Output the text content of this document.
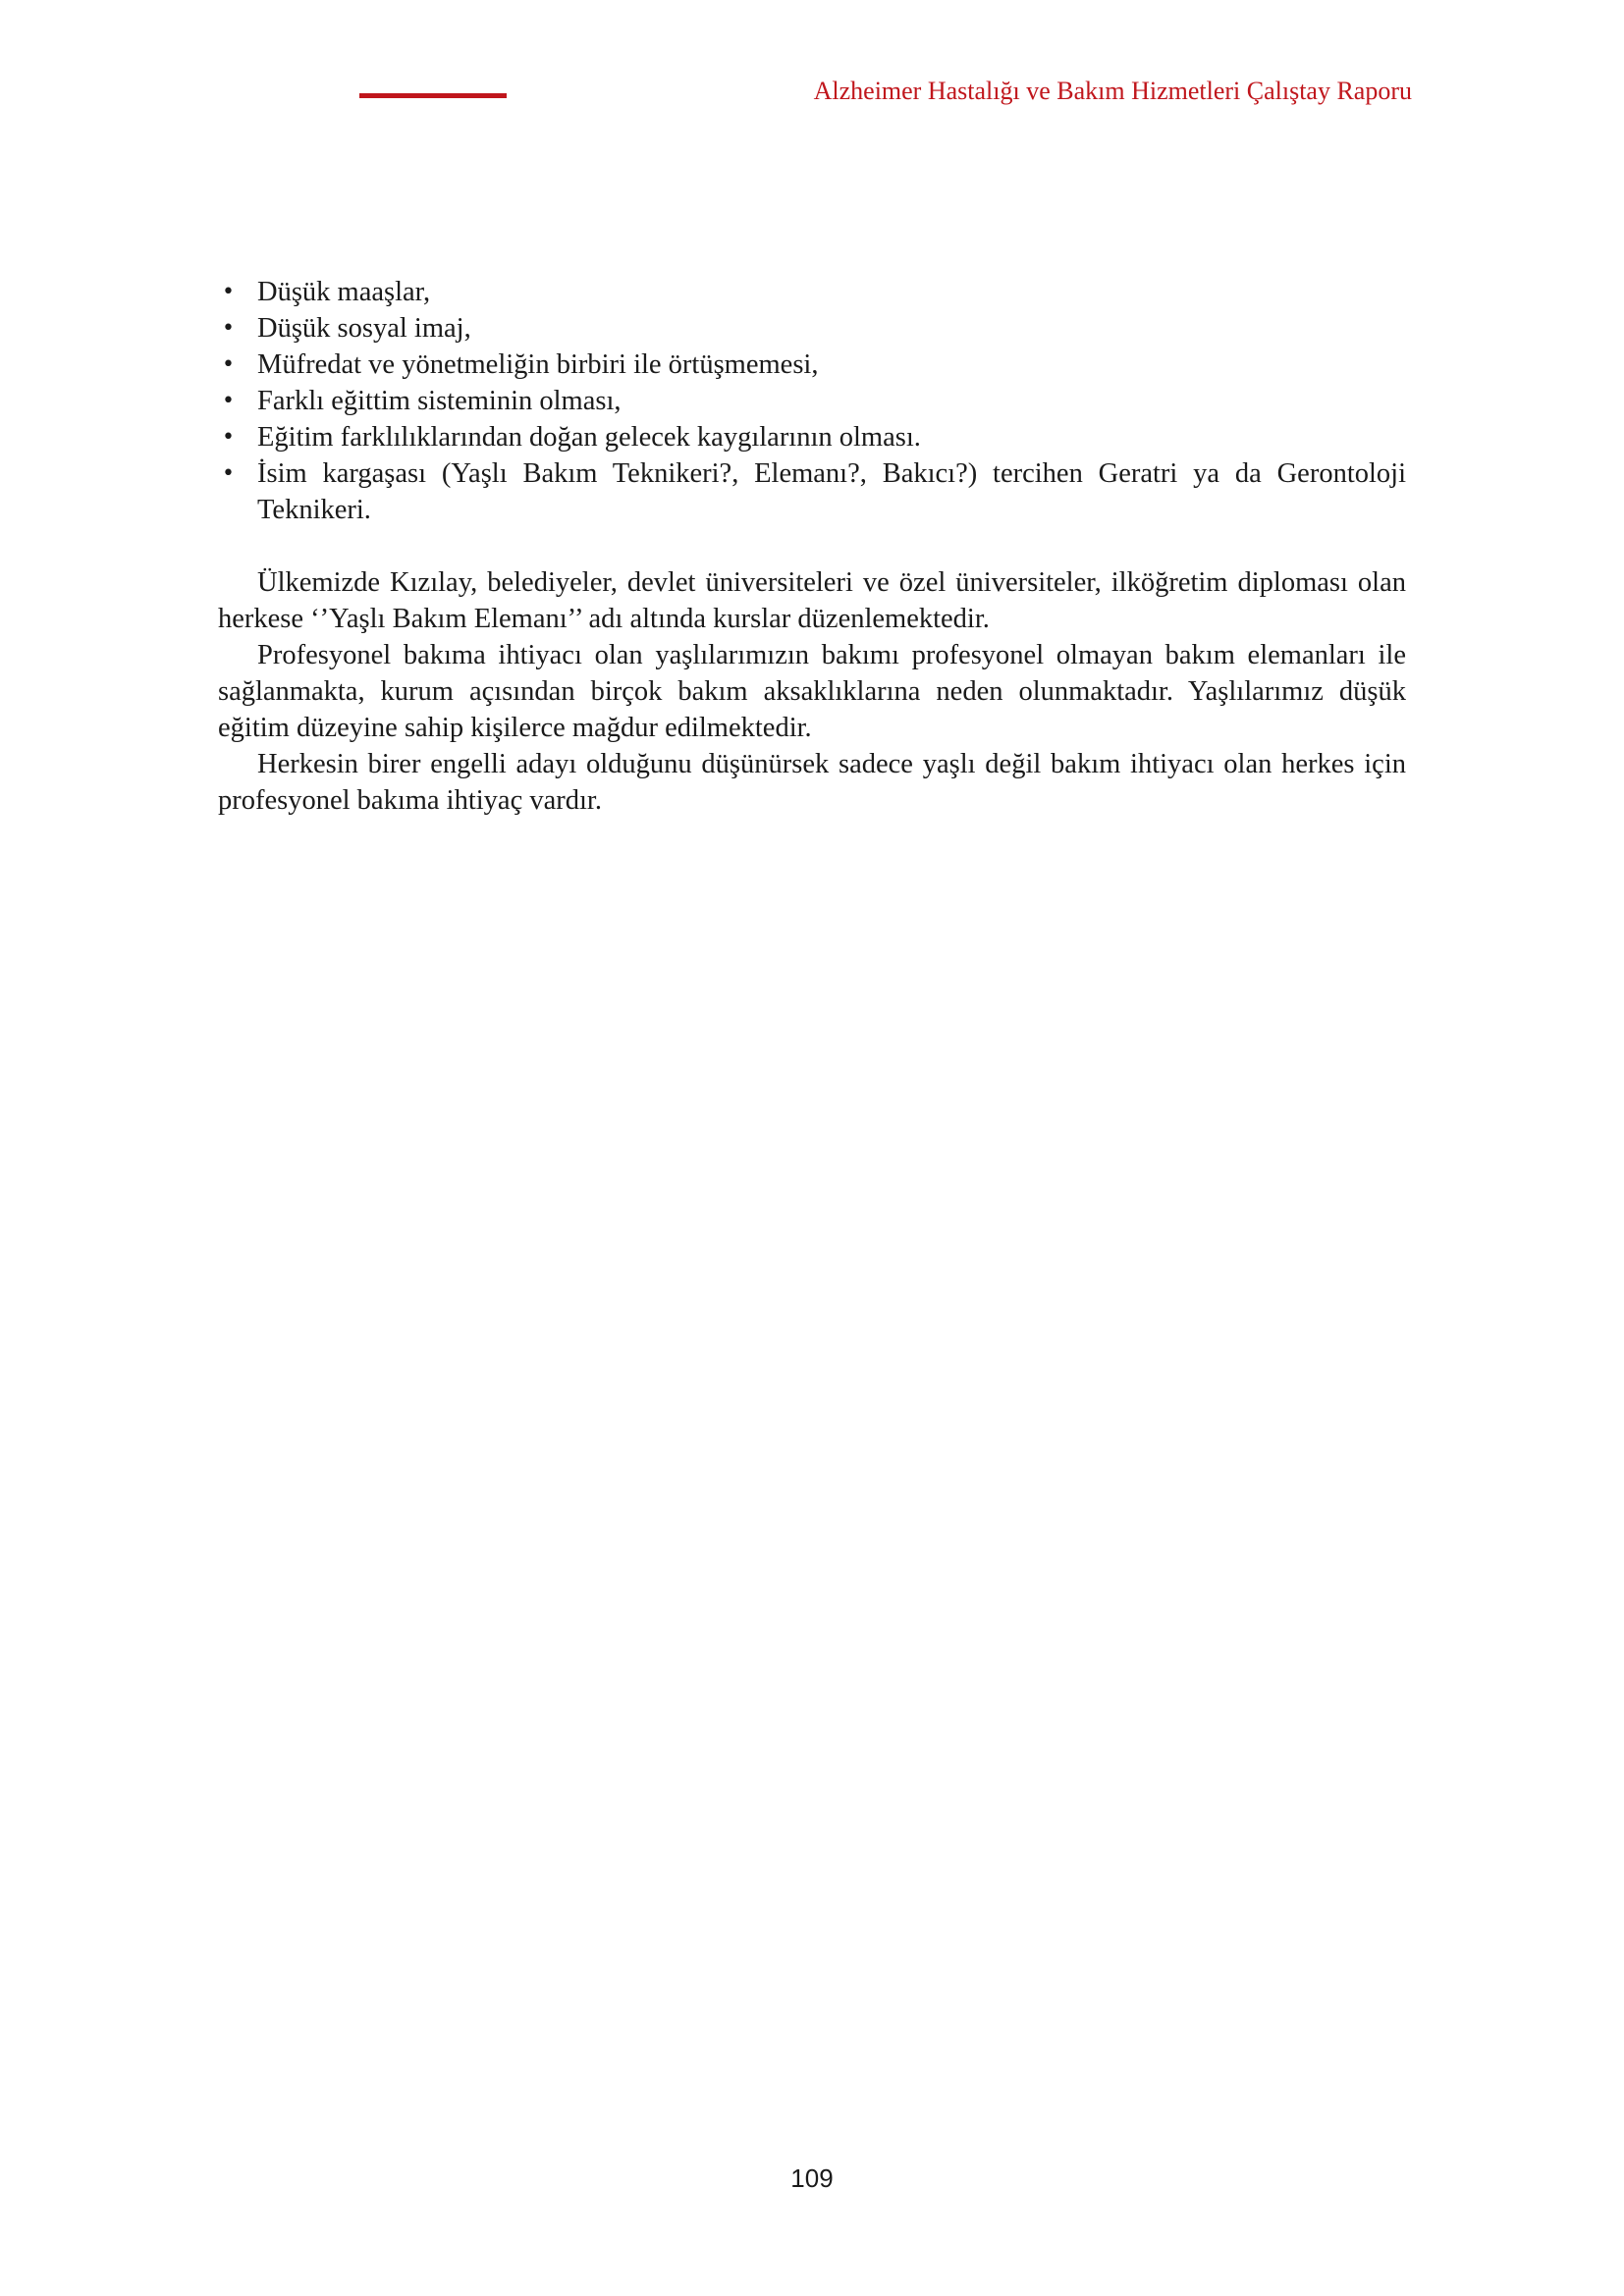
Alzheimer Hastalığı ve Bakım Hizmetleri Çalıştay Raporu
• Düşük maaşlar,
• Düşük sosyal imaj,
• Müfredat ve yönetmeliğin birbiri ile örtüşmemesi,
• Farklı eğittim sisteminin olması,
• Eğitim farklılıklarından doğan gelecek kaygılarının olması.
• İsim kargaşası (Yaşlı Bakım Teknikeri?, Elemanı?, Bakıcı?) tercihen Geratri ya da Gerontoloji Teknikeri.

Ülkemizde Kızılay, belediyeler, devlet üniversiteleri ve özel üniversiteler, ilköğretim diploması olan herkese ‘’Yaşlı Bakım Elemanı’’ adı altında kurslar düzenlemektedir.

Profesyonel bakıma ihtiyacı olan yaşlılarımızın bakımı profesyonel olmayan bakım elemanları ile sağlanmakta, kurum açısından birçok bakım aksaklıklarına neden olunmaktadır. Yaşlılarımız düşük eğitim düzeyine sahip kişilerce mağdur edilmektedir.

Herkesin birer engelli adayı olduğunu düşünürsek sadece yaşlı değil bakım ihtiyacı olan herkes için profesyonel bakıma ihtiyaç vardır.

109
